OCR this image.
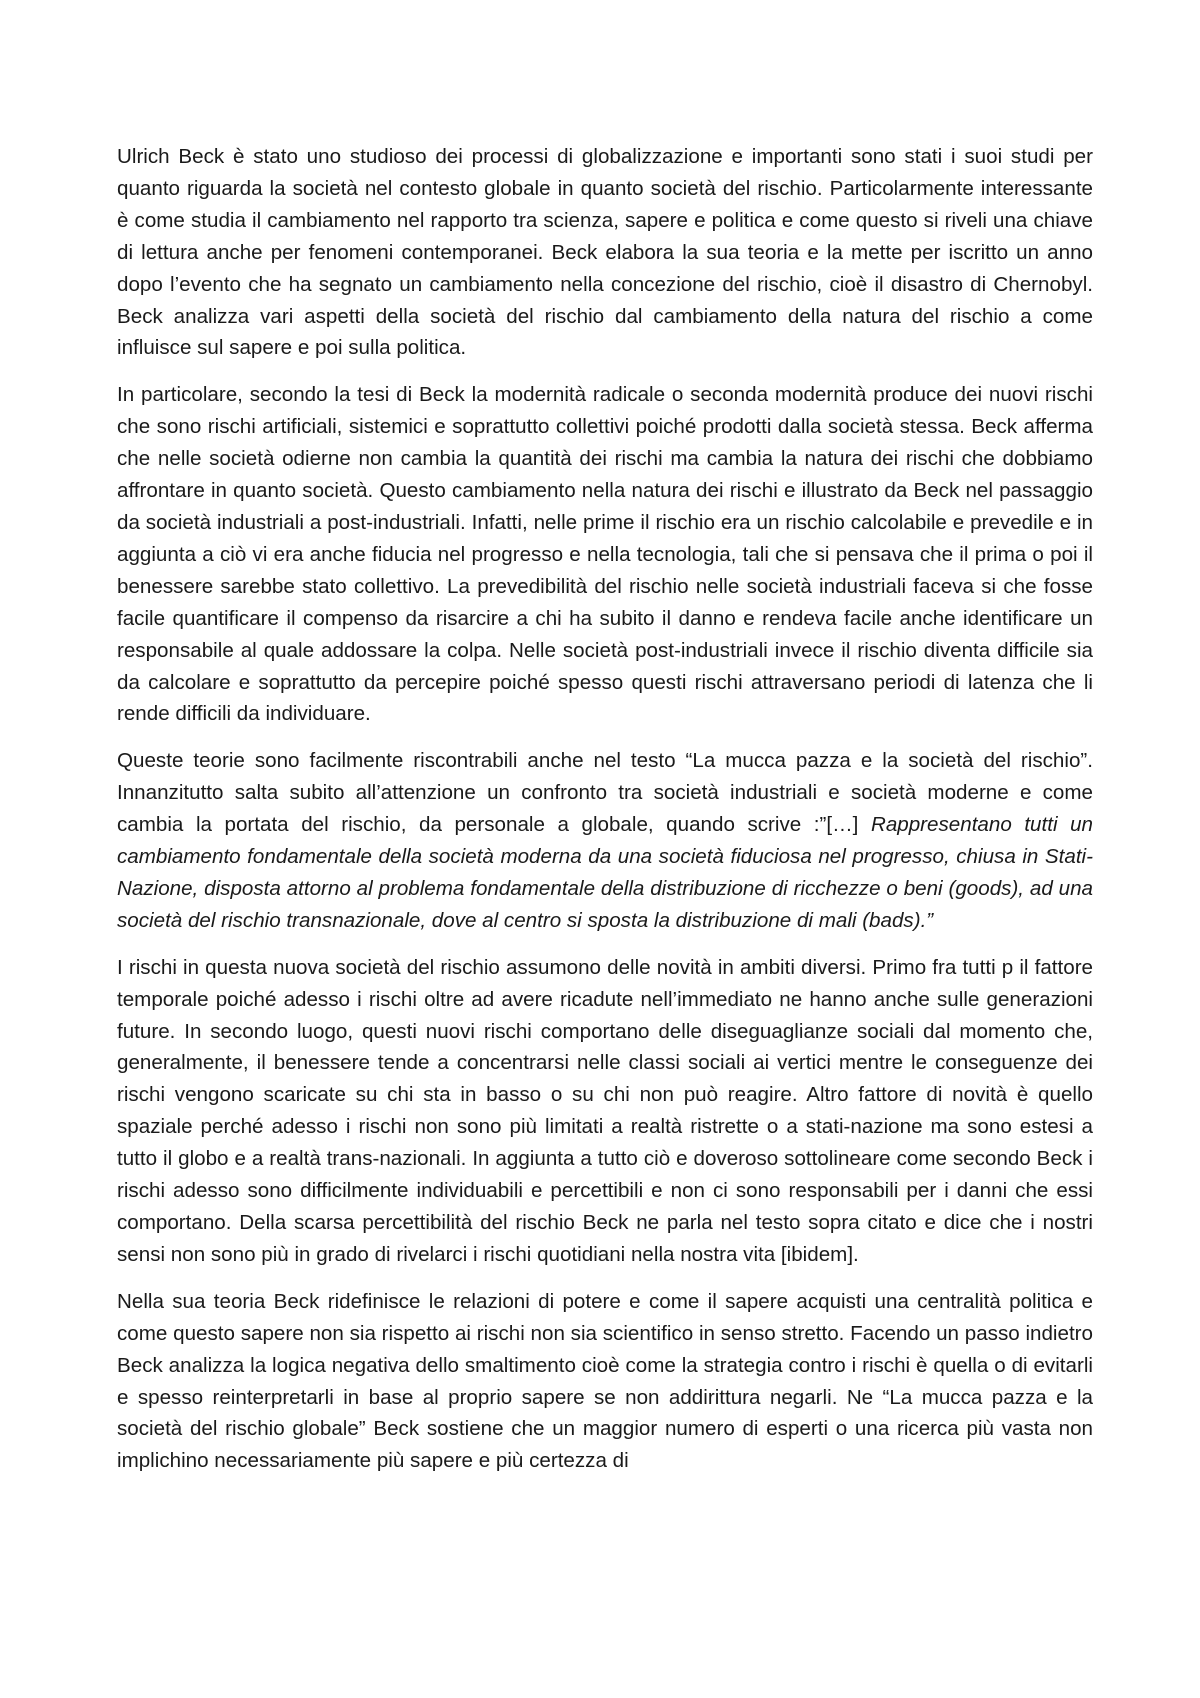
Ulrich Beck è stato uno studioso dei processi di globalizzazione e importanti sono stati i suoi studi per quanto riguarda la società nel contesto globale in quanto società del rischio. Particolarmente interessante è come studia il cambiamento nel rapporto tra scienza, sapere e politica e come questo si riveli una chiave di lettura anche per fenomeni contemporanei. Beck elabora la sua teoria e la mette per iscritto un anno dopo l’evento che ha segnato un cambiamento nella concezione del rischio, cioè il disastro di Chernobyl. Beck analizza vari aspetti della società del rischio dal cambiamento della natura del rischio a come influisce sul sapere e poi sulla politica.

In particolare, secondo la tesi di Beck la modernità radicale o seconda modernità produce dei nuovi rischi che sono rischi artificiali, sistemici e soprattutto collettivi poiché prodotti dalla società stessa. Beck afferma che nelle società odierne non cambia la quantità dei rischi ma cambia la natura dei rischi che dobbiamo affrontare in quanto società. Questo cambiamento nella natura dei rischi e illustrato da Beck nel passaggio da società industriali a post-industriali. Infatti, nelle prime il rischio era un rischio calcolabile e prevedile e in aggiunta a ciò vi era anche fiducia nel progresso e nella tecnologia, tali che si pensava che il prima o poi il benessere sarebbe stato collettivo. La prevedibilità del rischio nelle società industriali faceva si che fosse facile quantificare il compenso da risarcire a chi ha subito il danno e rendeva facile anche identificare un responsabile al quale addossare la colpa. Nelle società post-industriali invece il rischio diventa difficile sia da calcolare e soprattutto da percepire poiché spesso questi rischi attraversano periodi di latenza che li rende difficili da individuare.

Queste teorie sono facilmente riscontrabili anche nel testo “La mucca pazza e la società del rischio”. Innanzitutto salta subito all’attenzione un confronto tra società industriali e società moderne e come cambia la portata del rischio, da personale a globale, quando scrive :”[…] Rappresentano tutti un cambiamento fondamentale della società moderna da una società fiduciosa nel progresso, chiusa in Stati-Nazione, disposta attorno al problema fondamentale della distribuzione di ricchezze o beni (goods), ad una società del rischio transnazionale, dove al centro si sposta la distribuzione di mali (bads).”

I rischi in questa nuova società del rischio assumono delle novità in ambiti diversi. Primo fra tutti p il fattore temporale poiché adesso i rischi oltre ad avere ricadute nell’immediato ne hanno anche sulle generazioni future. In secondo luogo, questi nuovi rischi comportano delle diseguaglianze sociali dal momento che, generalmente, il benessere tende a concentrarsi nelle classi sociali ai vertici mentre le conseguenze dei rischi vengono scaricate su chi sta in basso o su chi non può reagire. Altro fattore di novità è quello spaziale perché adesso i rischi non sono più limitati a realtà ristrette o a stati-nazione ma sono estesi a tutto il globo e a realtà trans-nazionali. In aggiunta a tutto ciò e doveroso sottolineare come secondo Beck i rischi adesso sono difficilmente individuabili e percettibili e non ci sono responsabili per i danni che essi comportano. Della scarsa percettibilità del rischio Beck ne parla nel testo sopra citato e dice che i nostri sensi non sono più in grado di rivelarci i rischi quotidiani nella nostra vita [ibidem].

Nella sua teoria Beck ridefinisce le relazioni di potere e come il sapere acquisti una centralità politica e come questo sapere non sia rispetto ai rischi non sia scientifico in senso stretto. Facendo un passo indietro Beck analizza la logica negativa dello smaltimento cioè come la strategia contro i rischi è quella o di evitarli e spesso reinterpretarli in base al proprio sapere se non addirittura negarli. Ne “La mucca pazza e la società del rischio globale” Beck sostiene che un maggior numero di esperti o una ricerca più vasta non implichino necessariamente più sapere e più certezza di
